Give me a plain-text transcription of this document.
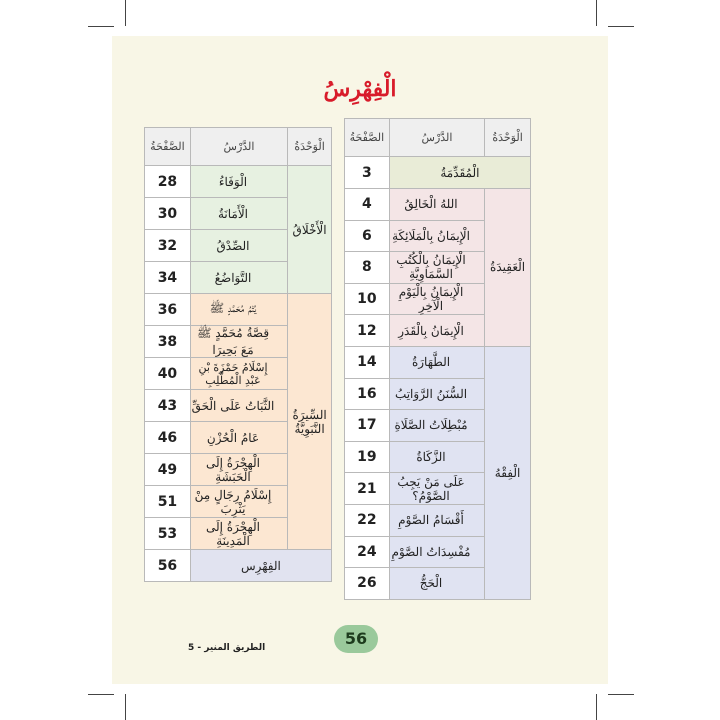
الْفِهْرِسُ
الْوَحْدَةُ	الدَّرْسُ	الصَّفْحَةُ
الْمُقَدِّمَةُ		3
الْعَقِيدَةُ	اللهُ الْخَالِقُ	4
	الْإِيمَانُ بِالْمَلَائِكَةِ	6
	الْإِيمَانُ بِالْكُتُبِ السَّمَاوِيَّةِ	8
	الْإِيمَانُ بِالْيَوْمِ الْآخِرِ	10
	الْإِيمَانُ بِالْقَدَرِ	12
الْفِقْهُ	الطَّهَارَةُ	14
	السُّنَنُ الرَّوَاتِبُ	16
	مُبْطِلَاتُ الصَّلَاةِ	17
	الزَّكَاةُ	19
	عَلَى مَنْ يَجِبُ الصَّوْمُ؟	21
	أَقْسَامُ الصَّوْمِ	22
	مُفْسِدَاتُ الصَّوْمِ	24
	الْحَجُّ	26
الْوَحْدَةُ	الدَّرْسُ	الصَّفْحَةُ
الْأَخْلَاقُ	الْوَفَاءُ	28
	الْأَمَانَةُ	30
	الصِّدْقُ	32
	التَّوَاضُعُ	34
السِّيرَةُ النَّبَوِيَّةُ	يُتْمُ مُحَمَّدٍ ﷺ	36
	قِصَّةُ مُحَمَّدٍ ﷺ مَعَ بَحِيرَا	38
	إِسْلَامُ حَمْزَةَ بْنِ عَبْدِ الْمُطَّلِبِ	40
	الثَّبَاتُ عَلَى الْحَقِّ	43
	عَامُ الْحُزْنِ	46
	الْهِجْرَةُ إِلَى الْحَبَشَةِ	49
	إِسْلَامُ رِجَالٍ مِنْ يَثْرِبَ	51
	الْهِجْرَةُ إِلَى الْمَدِينَةِ	53
الفِهْرِس		56
56
الطريق المنير - 5
